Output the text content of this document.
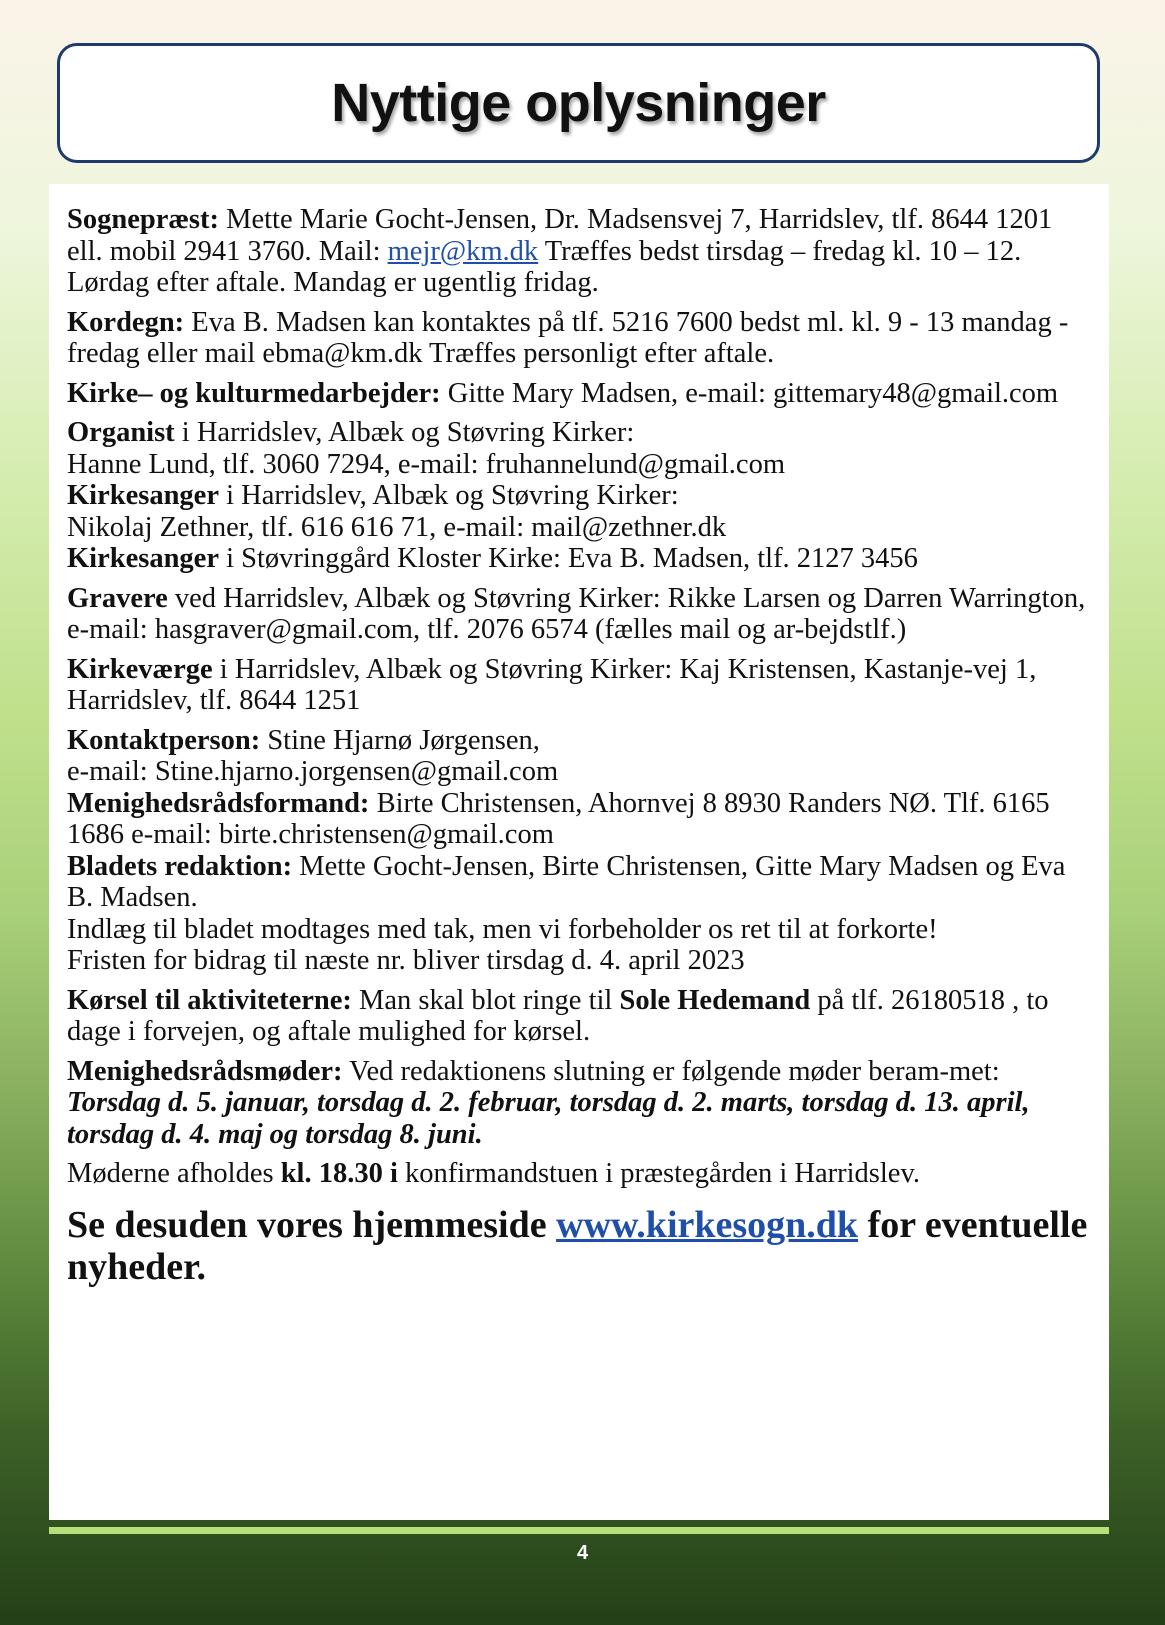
Nyttige oplysninger

Sognepræst: Mette Marie Gocht-Jensen, Dr. Madsensvej 7, Harridslev, tlf. 8644 1201 ell. mobil 2941 3760. Mail: mejr@km.dk Træffes bedst tirsdag – fredag kl. 10 – 12.
Lørdag efter aftale. Mandag er ugentlig fridag.

Kordegn: Eva B. Madsen kan kontaktes på tlf. 5216 7600 bedst ml. kl. 9 - 13 mandag - fredag eller mail ebma@km.dk Træffes personligt efter aftale.

Kirke– og kulturmedarbejder: Gitte Mary Madsen, e-mail: gittemary48@gmail.com

Organist i Harridslev, Albæk og Støvring Kirker:
Hanne Lund, tlf. 3060 7294, e-mail: fruhannelund@gmail.com
Kirkesanger i Harridslev, Albæk og Støvring Kirker:
Nikolaj Zethner, tlf. 616 616 71, e-mail: mail@zethner.dk
Kirkesanger i Støvringgård Kloster Kirke: Eva B. Madsen, tlf. 2127 3456

Gravere ved Harridslev, Albæk og Støvring Kirker: Rikke Larsen og Darren Warrington, e-mail: hasgraver@gmail.com, tlf. 2076 6574 (fælles mail og ar-bejdstlf.)

Kirkeværge i Harridslev, Albæk og Støvring Kirker: Kaj Kristensen, Kastanje-vej 1, Harridslev, tlf. 8644 1251

Kontaktperson: Stine Hjarnø Jørgensen,
e-mail: Stine.hjarno.jorgensen@gmail.com
Menighedsrådsformand: Birte Christensen, Ahornvej 8 8930 Randers NØ. Tlf. 6165 1686 e-mail: birte.christensen@gmail.com
Bladets redaktion: Mette Gocht-Jensen, Birte Christensen, Gitte Mary Madsen og Eva B. Madsen.
Indlæg til bladet modtages med tak, men vi forbeholder os ret til at forkorte!
Fristen for bidrag til næste nr. bliver tirsdag d. 4. april 2023

Kørsel til aktiviteterne: Man skal blot ringe til Sole Hedemand på tlf. 26180518 , to dage i forvejen, og aftale mulighed for kørsel.

Menighedsrådsmøder: Ved redaktionens slutning er følgende møder beram-met:
Torsdag d. 5. januar, torsdag d. 2. februar, torsdag d. 2. marts, torsdag d. 13. april, torsdag d. 4. maj og torsdag 8. juni.

Møderne afholdes kl. 18.30 i konfirmandstuen i præstegården i Harridslev.

Se desuden vores hjemmeside www.kirkesogn.dk for eventuelle nyheder.

4
